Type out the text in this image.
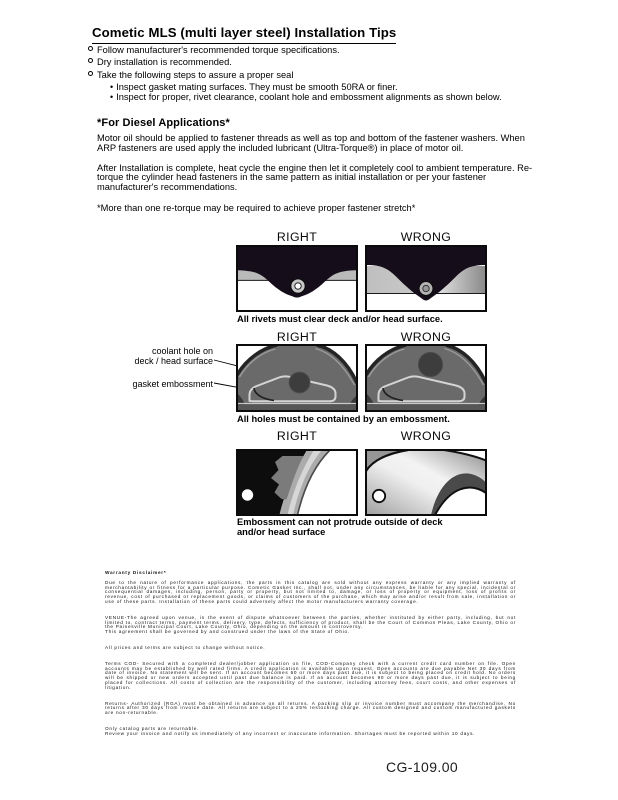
Cometic MLS (multi layer steel) Installation Tips
Follow manufacturer's recommended torque specifications.
Dry installation is recommended.
Take the following steps to assure a proper seal
• Inspect gasket mating surfaces. They must be smooth 50RA or finer.
• Inspect for proper, rivet clearance, coolant hole and embossment alignments as shown below.
*For Diesel Applications*
Motor oil should be applied to fastener threads as well as top and bottom of the fastener washers. When ARP fasteners are used apply the included lubricant (Ultra-Torque®) in place of motor oil.
After Installation is complete, heat cycle the engine then let it completely cool to ambient temperature. Re-torque the cylinder head fasteners in the same pattern as initial installation or per your fastener manufacturer's recommendations.
*More than one re-torque may be required to achieve proper fastener stretch*
RIGHT	WRONG
All rivets must clear deck and/or head surface.
coolant hole on
deck / head surface
gasket embossment
RIGHT	WRONG
All holes must be contained by an embossment.
RIGHT	WRONG
Embossment can not protrude outside of deck
and/or head surface

Warranty Disclaimer*

Due to the nature of performance applications, the parts in this catalog are sold without any express warranty or any implied warranty of merchantability or fitness for a particular purpose. Cometic Gasket Inc., shall not, under any circumstances, be liable for any special, incidental or consequential damages, including, person, party or property, but not limited to, damage, or loss of property or equipment, loss of profits or revenue, cost of purchased or replacement goods, or claims of customers of the purchase, which may arise and/or result from sale, installation or use of these parts. Installation of these parts could adversely affect the motor manufacturers warranty coverage.

VENUE-The agreed upon venue, in the event of dispute whatsoever between the parties, whether instituted by either party, including, but not limited to, contract terms, payment terms, delivery, type, defects, sufficiency of product, shall be the Court of Common Pleas, Lake County, Ohio or the Painesville Municipal Court, Lake County, Ohio, depending on the amount in controversy.

This agreement shall be governed by and construed under the laws of the State of Ohio.

All prices and terms are subject to change without notice.

Terms COD- Secured with a completed dealer/jobber application on file, COD-Company check with a current credit card number on file. Open accounts may be established by well rated firms. A credit application is available upon request. Open accounts are due payable Net 30 days from date of invoice. No statement will be sent. If an account becomes 60 or more days past due, it is subject to being placed on credit hold. No orders will be shipped or new orders accepted until past due balance is paid. If an account becomes 90 or more days past due, it is subject to being placed for collections. All costs of collection are the responsibility of the customer, including attorney fees, court costs, and other expenses of litigation.

Returns- Authorized (RGA) must be obtained in advance on all returns. A packing slip or invoice number must accompany the merchandise. No returns after 30 days from invoice date. All returns are subject to a 25% restocking charge. All custom designed and custom manufactured gaskets are non-returnable.

Only catalog parts are returnable.

Review your invoice and notify us immediately of any incorrect or inaccurate information. Shortages must be reported within 10 days.

CG-109.00
